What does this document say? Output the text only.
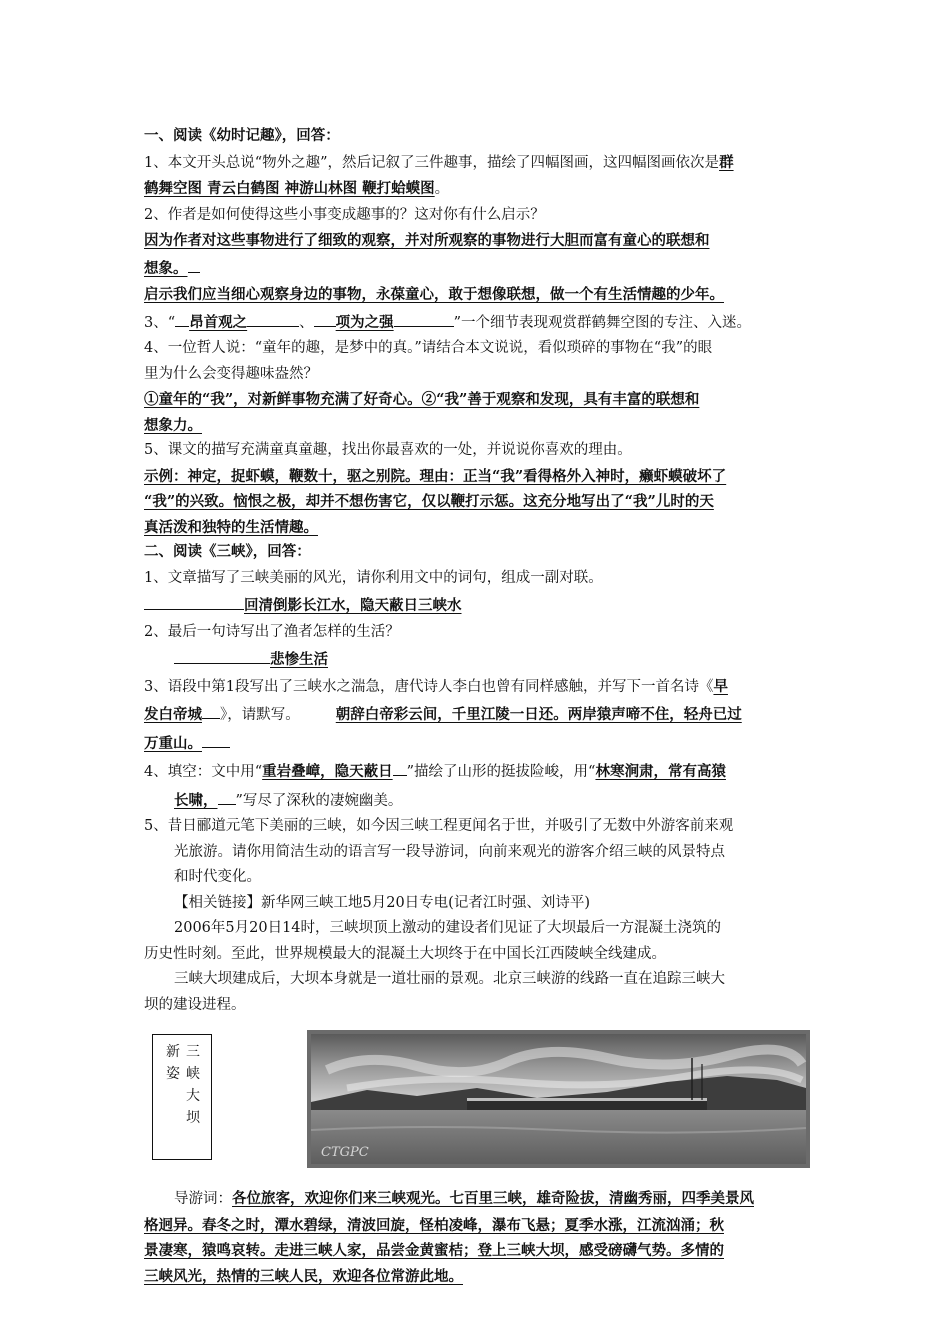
一、阅读《幼时记趣》，回答：
1、本文开头总说“物外之趣”，然后记叙了三件趣事，描绘了四幅图画，这四幅图画依次是群
鹤舞空图 青云白鹤图 神游山林图 鞭打蛤蟆图。
2、作者是如何使得这些小事变成趣事的？这对你有什么启示？
因为作者对这些事物进行了细致的观察，并对所观察的事物进行大胆而富有童心的联想和
想象。
启示我们应当细心观察身边的事物，永葆童心，敢于想像联想，做一个有生活情趣的少年。
3、“ 昂首观之	、 项为之强	”一个细节表现观赏群鹤舞空图的专注、入迷。
4、一位哲人说：“童年的趣，是梦中的真。”请结合本文说说，看似琐碎的事物在“我”的眼
里为什么会变得趣味盎然？
①童年的“我”，对新鲜事物充满了好奇心。②“我”善于观察和发现，具有丰富的联想和
想象力。
5、课文的描写充满童真童趣，找出你最喜欢的一处，并说说你喜欢的理由。
示例：神定，捉虾蟆，鞭数十，驱之别院。理由：正当“我”看得格外入神时，癞虾蟆破坏了
“我”的兴致。恼恨之极，却并不想伤害它，仅以鞭打示惩。这充分地写出了“我”儿时的天
真活泼和独特的生活情趣。
二、阅读《三峡》，回答：
1、文章描写了三峡美丽的风光，请你利用文中的词句，组成一副对联。
回清倒影长江水，隐天蔽日三峡水
2、最后一句诗写出了渔者怎样的生活？
悲惨生活
3、语段中第1段写出了三峡水之湍急，唐代诗人李白也曾有同样感触，并写下一首名诗《早
发白帝城 》，请默写。 朝辞白帝彩云间，千里江陵一日还。两岸猿声啼不住，轻舟已过
万重山。
4、填空：文中用“重岩叠嶂，隐天蔽日 ”描绘了山形的挺拔险峻，用“林寒涧肃，常有高猿
长啸， ”写尽了深秋的凄婉幽美。
5、昔日郦道元笔下美丽的三峡，如今因三峡工程更闻名于世，并吸引了无数中外游客前来观
光旅游。请你用简洁生动的语言写一段导游词，向前来观光的游客介绍三峡的风景特点
和时代变化。
【相关链接】新华网三峡工地5月20日专电(记者江时强、刘诗平)
2006年5月20日14时，三峡坝顶上激动的建设者们见证了大坝最后一方混凝土浇筑的
历史性时刻。至此，世界规模最大的混凝土大坝终于在中国长江西陵峡全线建成。
三峡大坝建成后，大坝本身就是一道壮丽的景观。北京三峡游的线路一直在追踪三峡大
坝的建设进程。
三
峡
大
坝
新
姿
CTGPC
导游词：各位旅客，欢迎你们来三峡观光。七百里三峡，雄奇险拔，清幽秀丽，四季美景风
格迥异。春冬之时，潭水碧绿，清波回旋，怪柏凌峰，瀑布飞悬；夏季水涨，江流汹涌；秋
景凄寒，猿鸣哀转。走进三峡人家，品尝金黄蜜桔；登上三峡大坝，感受磅礴气势。多情的
三峡风光，热情的三峡人民，欢迎各位常游此地。
